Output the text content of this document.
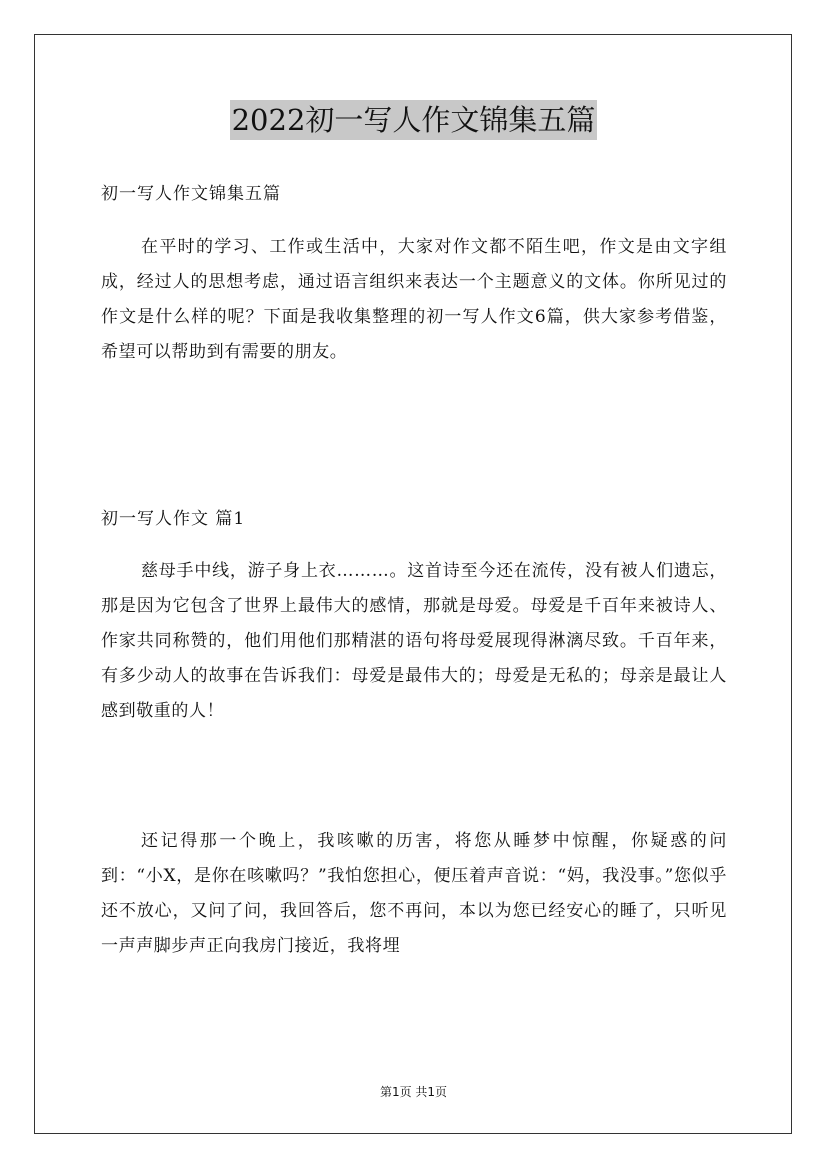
2022初一写人作文锦集五篇
初一写人作文锦集五篇

在平时的学习、工作或生活中，大家对作文都不陌生吧，作文是由文字组成，经过人的思想考虑，通过语言组织来表达一个主题意义的文体。你所见过的作文是什么样的呢？下面是我收集整理的初一写人作文6篇，供大家参考借鉴，希望可以帮助到有需要的朋友。

初一写人作文 篇1

慈母手中线，游子身上衣………。这首诗至今还在流传，没有被人们遗忘，那是因为它包含了世界上最伟大的感情，那就是母爱。母爱是千百年来被诗人、作家共同称赞的，他们用他们那精湛的语句将母爱展现得淋漓尽致。千百年来，有多少动人的故事在告诉我们：母爱是最伟大的；母爱是无私的；母亲是最让人感到敬重的人！

还记得那一个晚上，我咳嗽的历害，将您从睡梦中惊醒，你疑惑的问到：“小X，是你在咳嗽吗？”我怕您担心，便压着声音说：“妈，我没事。”您似乎还不放心，又问了问，我回答后，您不再问，本以为您已经安心的睡了，只听见一声声脚步声正向我房门接近，我将埋

第1页 共1页
